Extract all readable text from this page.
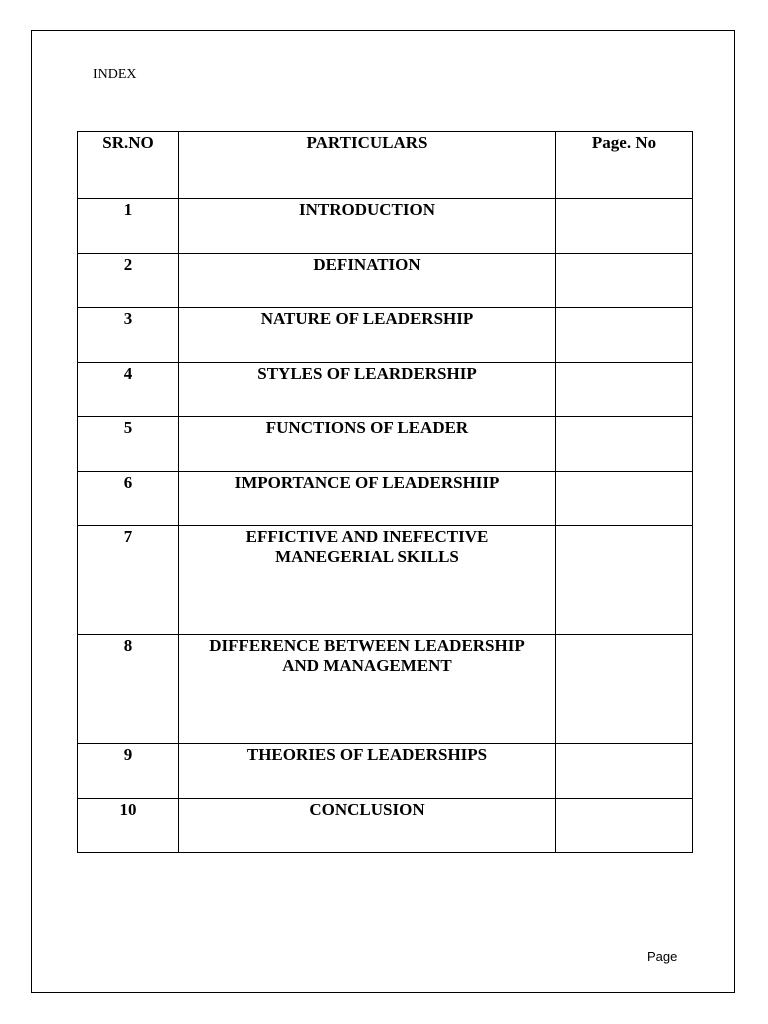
INDEX

SR.NO	PARTICULARS	Page. No
1	INTRODUCTION	

2	DEFINATION	

3	NATURE OF LEADERSHIP	

4	STYLES OF LEARDERSHIP	

5	FUNCTIONS OF LEADER	

6	IMPORTANCE OF LEADERSHIIP	

7	EFFICTIVE AND INEFECTIVE
MANEGERIAL SKILLS	

8	DIFFERENCE BETWEEN LEADERSHIP
AND MANAGEMENT	

9	THEORIES OF LEADERSHIPS	

10	CONCLUSION	

Page
